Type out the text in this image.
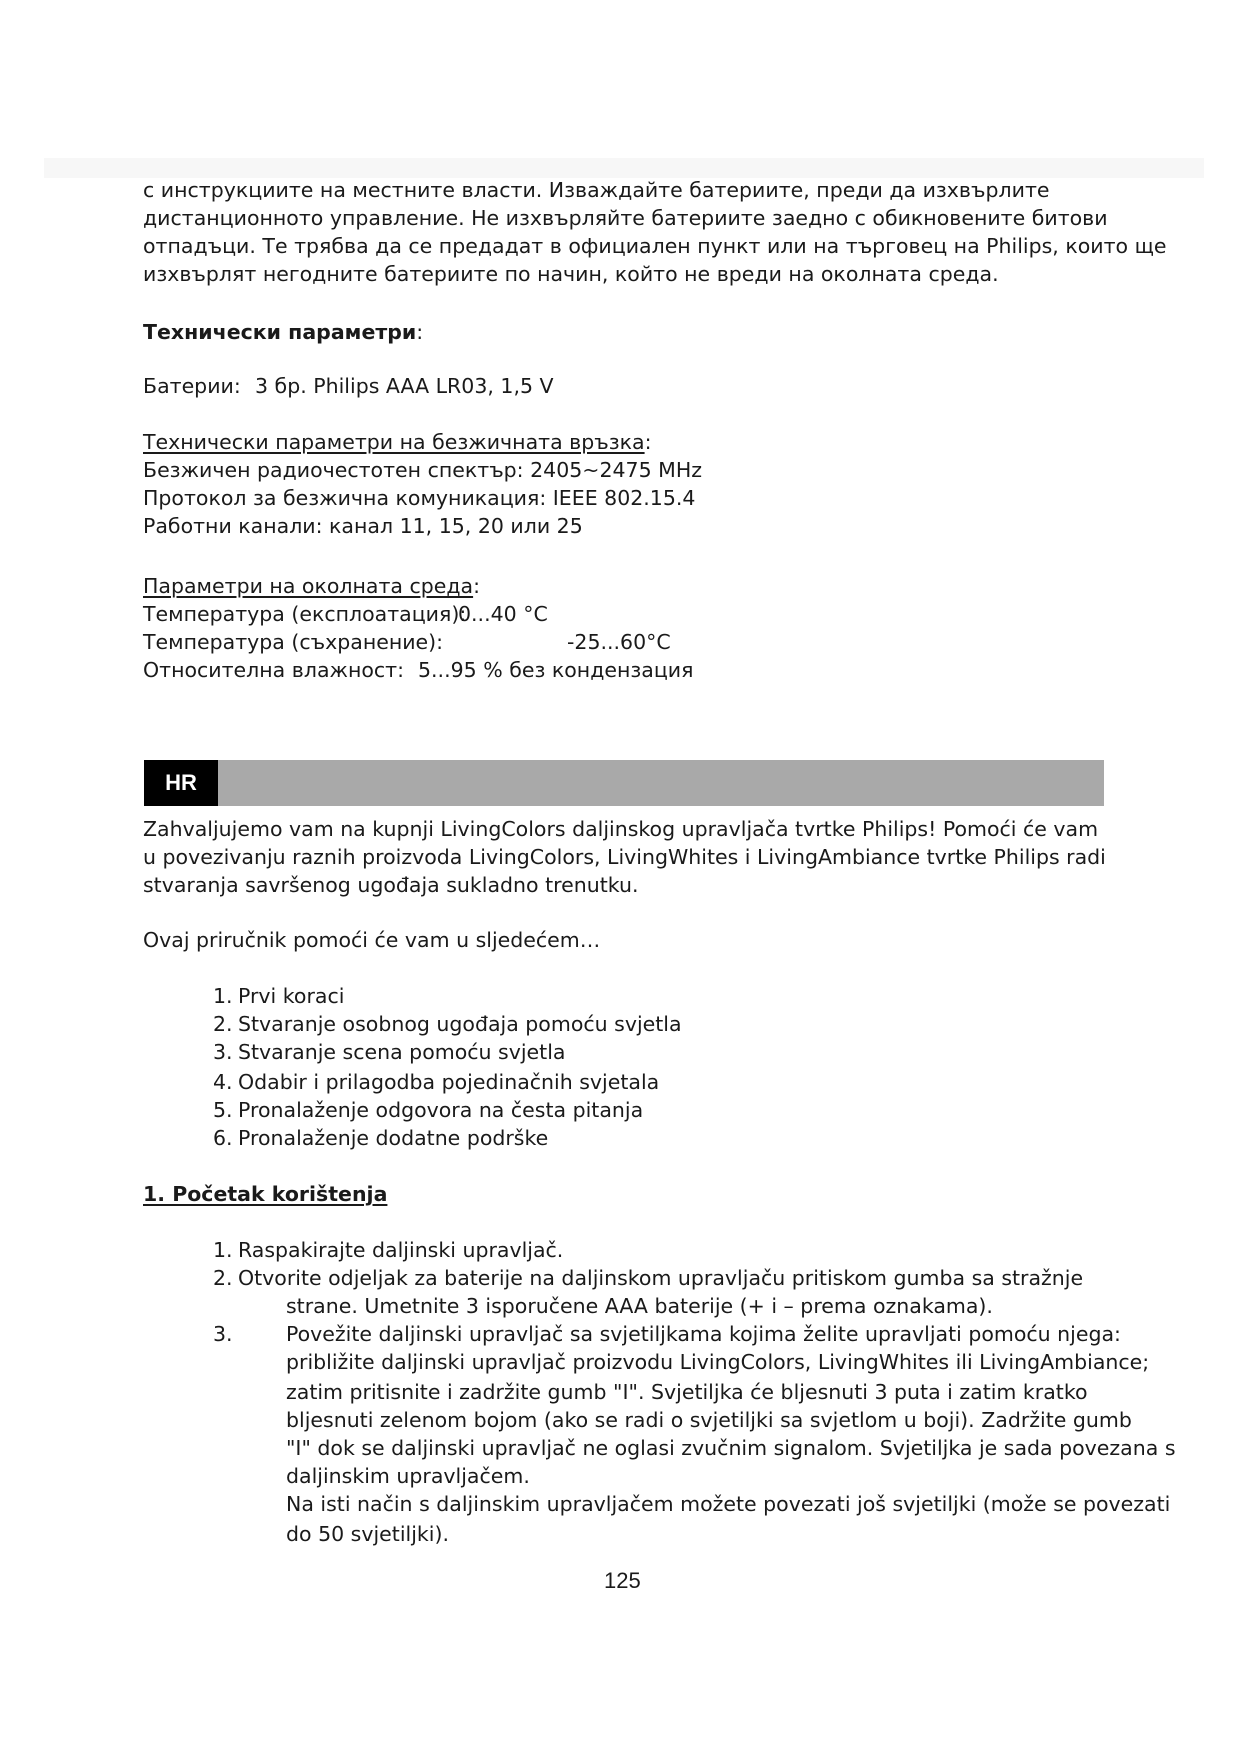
с инструкциите на местните власти. Изваждайте батериите, преди да изхвърлите
дистанционното управление. Не изхвърляйте батериите заедно с обикновените битови
отпадъци. Те трябва да се предадат в официален пункт или на търговец на Philips, които ще
изхвърлят негодните батериите по начин, който не вреди на околната среда.
Технически параметри:
Батерии: 3 бр. Philips AAA LR03, 1,5 V
Технически параметри на безжичната връзка:
Безжичен радиочестотен спектър: 2405~2475 MHz
Протокол за безжична комуникация: IEEE 802.15.4
Работни канали: канал 11, 15, 20 или 25
Параметри на околната среда:
Температура (експлоатация):
0...40 °C
Температура (съхранение):	-25...60°C
Относителна влажност: 5...95 % без кондензация
HR
Zahvaljujemo vam na kupnji LivingColors daljinskog upravljača tvrtke Philips! Pomoći će vam
u povezivanju raznih proizvoda LivingColors, LivingWhites i LivingAmbiance tvrtke Philips radi
stvaranja savršenog ugođaja sukladno trenutku.
Ovaj priručnik pomoći će vam u sljedećem…
1. Prvi koraci
2. Stvaranje osobnog ugođaja pomoću svjetla
3. Stvaranje scena pomoću svjetla
4. Odabir i prilagodba pojedinačnih svjetala
5. Pronalaženje odgovora na česta pitanja
6. Pronalaženje dodatne podrške
1. Početak korištenja
1. Raspakirajte daljinski upravljač.
2. Otvorite odjeljak za baterije na daljinskom upravljaču pritiskom gumba sa stražnje
strane. Umetnite 3 isporučene AAA baterije (+ i – prema oznakama).
3.	Povežite daljinski upravljač sa svjetiljkama kojima želite upravljati pomoću njega:
približite daljinski upravljač proizvodu LivingColors, LivingWhites ili LivingAmbiance;
zatim pritisnite i zadržite gumb "I". Svjetiljka će bljesnuti 3 puta i zatim kratko
bljesnuti zelenom bojom (ako se radi o svjetiljki sa svjetlom u boji). Zadržite gumb
"I" dok se daljinski upravljač ne oglasi zvučnim signalom. Svjetiljka je sada povezana s
daljinskim upravljačem.
Na isti način s daljinskim upravljačem možete povezati još svjetiljki (može se povezati
do 50 svjetiljki).
125
